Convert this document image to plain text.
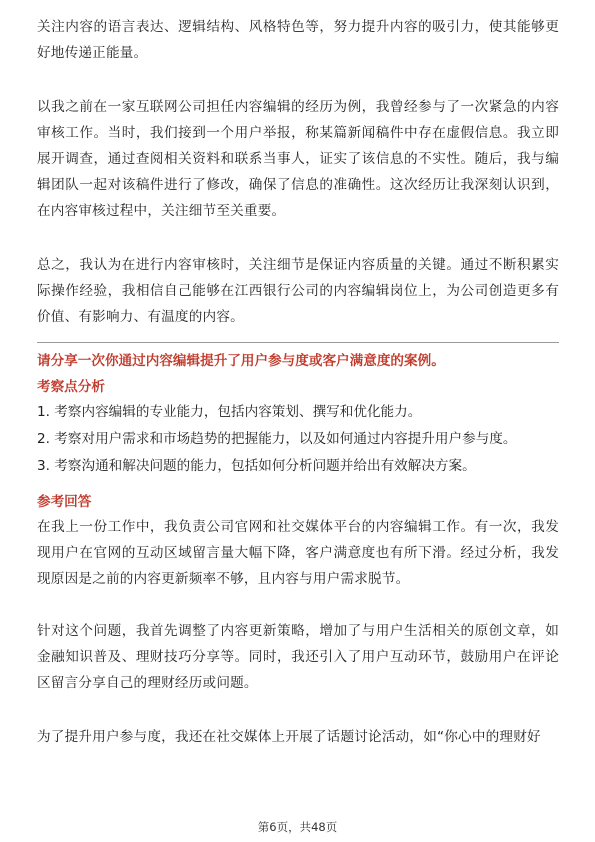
关注内容的语言表达、逻辑结构、风格特色等，努力提升内容的吸引力，使其能够更好地传递正能量。

以我之前在一家互联网公司担任内容编辑的经历为例，我曾经参与了一次紧急的内容审核工作。当时，我们接到一个用户举报，称某篇新闻稿件中存在虚假信息。我立即展开调查，通过查阅相关资料和联系当事人，证实了该信息的不实性。随后，我与编辑团队一起对该稿件进行了修改，确保了信息的准确性。这次经历让我深刻认识到，在内容审核过程中，关注细节至关重要。

总之，我认为在进行内容审核时，关注细节是保证内容质量的关键。通过不断积累实际操作经验，我相信自己能够在江西银行公司的内容编辑岗位上，为公司创造更多有价值、有影响力、有温度的内容。

请分享一次你通过内容编辑提升了用户参与度或客户满意度的案例。

考察点分析

1. 考察内容编辑的专业能力，包括内容策划、撰写和优化能力。

2. 考察对用户需求和市场趋势的把握能力，以及如何通过内容提升用户参与度。

3. 考察沟通和解决问题的能力，包括如何分析问题并给出有效解决方案。

参考回答

在我上一份工作中，我负责公司官网和社交媒体平台的内容编辑工作。有一次，我发现用户在官网的互动区域留言量大幅下降，客户满意度也有所下滑。经过分析，我发现原因是之前的内容更新频率不够，且内容与用户需求脱节。

针对这个问题，我首先调整了内容更新策略，增加了与用户生活相关的原创文章，如金融知识普及、理财技巧分享等。同时，我还引入了用户互动环节，鼓励用户在评论区留言分享自己的理财经历或问题。

为了提升用户参与度，我还在社交媒体上开展了话题讨论活动，如“你心中的理财好

第6页，共48页
